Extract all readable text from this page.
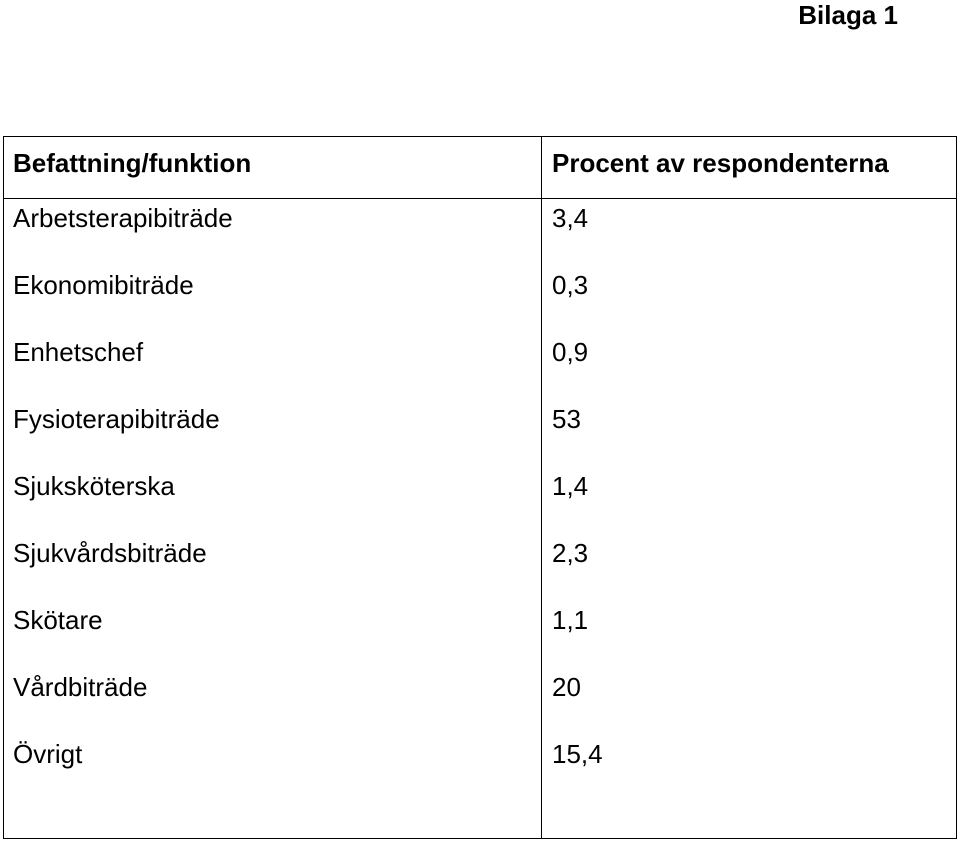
Bilaga 1
Befattning/funktion	Procent av respondenterna
Arbetsterapibiträde	3,4
Ekonomibiträde	0,3
Enhetschef	0,9
Fysioterapibiträde	53
Sjuksköterska	1,4
Sjukvårdsbiträde	2,3
Skötare	1,1
Vårdbiträde	20
Övrigt	15,4
